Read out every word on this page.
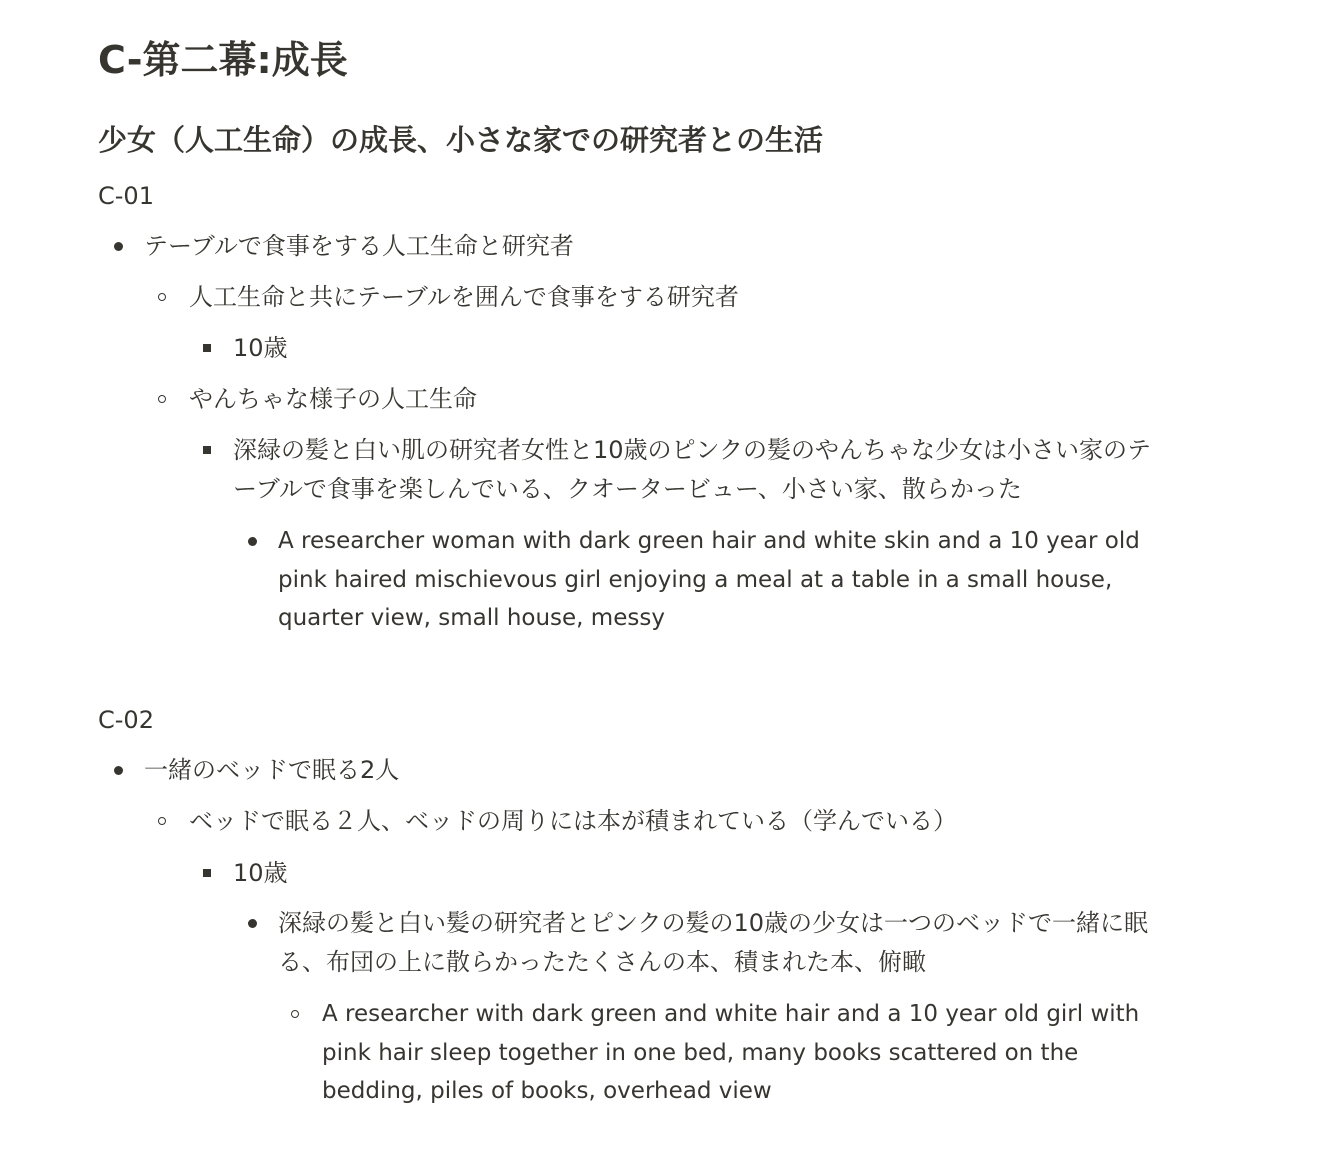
C-第二幕:成長
少女（人工生命）の成長、小さな家での研究者との生活
C-01
テーブルで食事をする人工生命と研究者
人工生命と共にテーブルを囲んで食事をする研究者
10歳
やんちゃな様子の人工生命
深緑の髪と白い肌の研究者女性と10歳のピンクの髪のやんちゃな少女は小さい家のテーブルで食事を楽しんでいる、クオータービュー、小さい家、散らかった
A researcher woman with dark green hair and white skin and a 10 year old pink haired mischievous girl enjoying a meal at a table in a small house, quarter view, small house, messy
C-02
一緒のベッドで眠る2人
ベッドで眠る２人、ベッドの周りには本が積まれている（学んでいる）
10歳
深緑の髪と白い髪の研究者とピンクの髪の10歳の少女は一つのベッドで一緒に眠る、布団の上に散らかったたくさんの本、積まれた本、俯瞰
A researcher with dark green and white hair and a 10 year old girl with pink hair sleep together in one bed, many books scattered on the bedding, piles of books, overhead view
